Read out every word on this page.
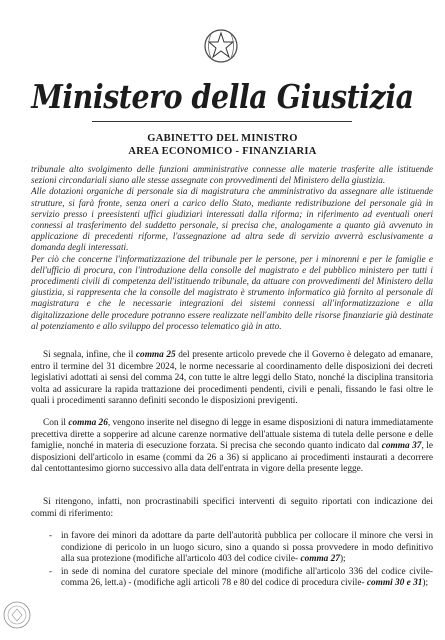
Ministero della Giustizia
GABINETTO DEL MINISTRO
AREA ECONOMICO - FINANZIARIA

tribunale alto svolgimento delle funzioni amministrative connesse alle materie trasferite alle istituende sezioni circondariali siano alle stesse assegnate con provvedimenti del Ministero della giustizia.

Alle dotazioni organiche di personale sia di magistratura che amministrativo da assegnare alle istituende strutture, si farà fronte, senza oneri a carico dello Stato, mediante redistribuzione del personale già in servizio presso i preesistenti uffici giudiziari interessati dalla riforma; in riferimento ad eventuali oneri connessi al trasferimento del suddetto personale, si precisa che, analogamente a quanto già avvenuto in applicazione di precedenti riforme, l'assegnazione ad altra sede di servizio avverrà esclusivamente a domanda degli interessati.

Per ciò che concerne l'informatizzazione del tribunale per le persone, per i minorenni e per le famiglie e dell'ufficio di procura, con l'introduzione della consolle del magistrato e del pubblico ministero per tutti i procedimenti civili di competenza dell'istituendo tribunale, da attuare con provvedimenti del Ministero della giustizia, si rappresenta che la consolle del magistrato è strumento informatico già fornito al personale di magistratura e che le necessarie integrazioni dei sistemi connessi all'informatizzazione e alla digitalizzazione delle procedure potranno essere realizzate nell'ambito delle risorse finanziarie già destinate al potenziamento e allo sviluppo del processo telematico già in atto.

Si segnala, infine, che il comma 25 del presente articolo prevede che il Governo è delegato ad emanare, entro il termine del 31 dicembre 2024, le norme necessarie al coordinamento delle disposizioni dei decreti legislativi adottati ai sensi del comma 24, con tutte le altre leggi dello Stato, nonché la disciplina transitoria volta ad assicurare la rapida trattazione dei procedimenti pendenti, civili e penali, fissando le fasi oltre le quali i procedimenti saranno definiti secondo le disposizioni previgenti.

Con il comma 26, vengono inserite nel disegno di legge in esame disposizioni di natura immediatamente precettiva dirette a sopperire ad alcune carenze normative dell'attuale sistema di tutela delle persone e delle famiglie, nonché in materia di esecuzione forzata. Si precisa che secondo quanto indicato dal comma 37, le disposizioni dell'articolo in esame (commi da 26 a 36) si applicano ai procedimenti instaurati a decorrere dal centottantesimo giorno successivo alla data dell'entrata in vigore della presente legge.

Si ritengono, infatti, non procrastinabili specifici interventi di seguito riportati con indicazione dei commi di riferimento:

- in favore dei minori da adottare da parte dell'autorità pubblica per collocare il minore che versi in condizione di pericolo in un luogo sicuro, sino a quando si possa provvedere in modo definitivo alla sua protezione (modifiche all'articolo 403 del codice civile- comma 27);
- in sede di nomina del curatore speciale del minore (modifiche all'articolo 336 del codice civile- comma 26, lett.a) - (modifiche agli articoli 78 e 80 del codice di procedura civile- commi 30 e 31);
